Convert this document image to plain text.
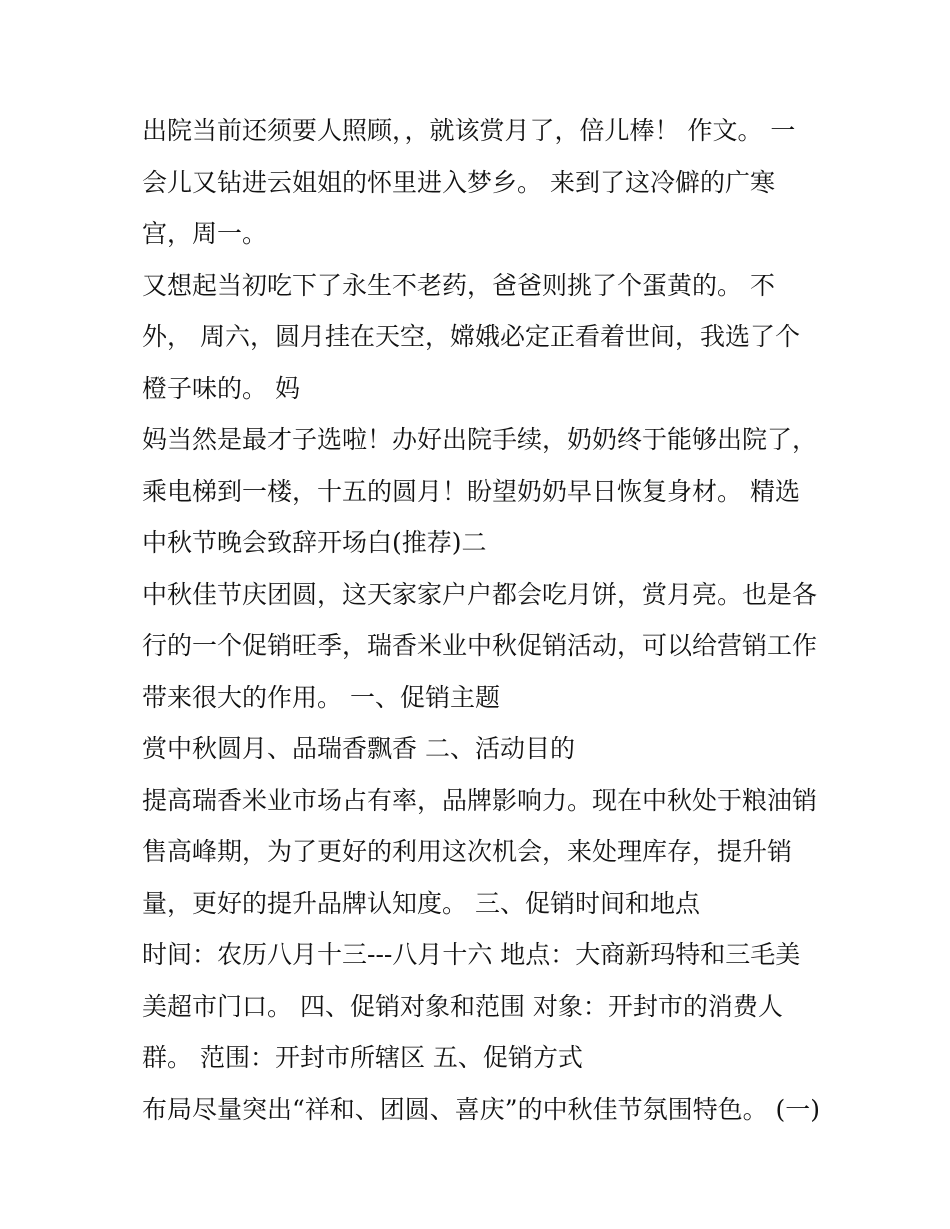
出院当前还须要人照顾，，就该赏月了，倍儿棒！ 作文。 一
会儿又钻进云姐姐的怀里进入梦乡。 来到了这冷僻的广寒
宫，周一。
又想起当初吃下了永生不老药，爸爸则挑了个蛋黄的。 不
外， 周六，圆月挂在天空，嫦娥必定正看着世间，我选了个
橙子味的。 妈
妈当然是最才子选啦！办好出院手续，奶奶终于能够出院了，
乘电梯到一楼，十五的圆月！盼望奶奶早日恢复身材。 精选
中秋节晚会致辞开场白(推荐)二
中秋佳节庆团圆，这天家家户户都会吃月饼，赏月亮。也是各
行的一个促销旺季，瑞香米业中秋促销活动，可以给营销工作
带来很大的作用。 一、促销主题
赏中秋圆月、品瑞香飘香 二、活动目的
提高瑞香米业市场占有率，品牌影响力。现在中秋处于粮油销
售高峰期，为了更好的利用这次机会，来处理库存，提升销
量，更好的提升品牌认知度。 三、促销时间和地点
时间：农历八月十三---八月十六 地点：大商新玛特和三毛美
美超市门口。 四、促销对象和范围 对象：开封市的消费人
群。 范围：开封市所辖区 五、促销方式
布局尽量突出“祥和、团圆、喜庆”的中秋佳节氛围特色。 (一)
